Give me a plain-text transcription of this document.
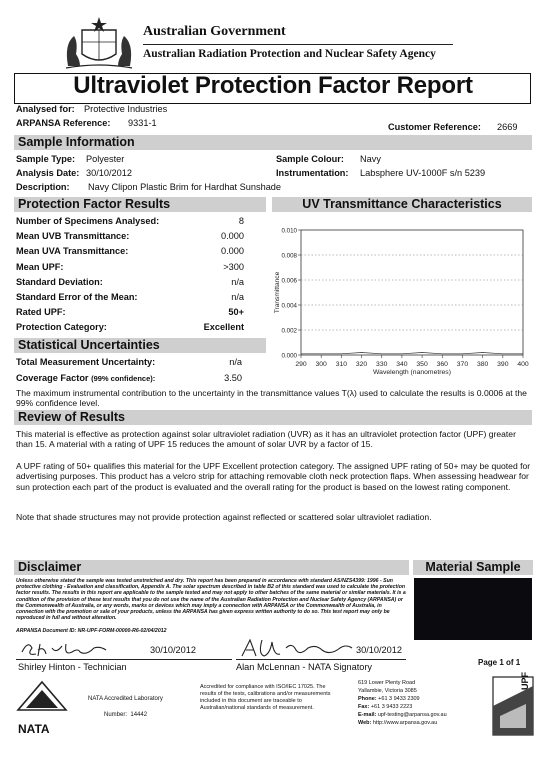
Australian Government
Australian Radiation Protection and Nuclear Safety Agency
Ultraviolet Protection Factor Report
Analysed for: Protective Industries
ARPANSA Reference: 9331-1	Customer Reference: 2669
Sample Information
Sample Type: Polyester
Analysis Date: 30/10/2012
Description: Navy Clipon Plastic Brim for Hardhat Sunshade
Sample Colour: Navy
Instrumentation: Labsphere UV-1000F s/n 5239
Protection Factor Results	UV Transmittance Characteristics
Number of Specimens Analysed:	8
Mean UVB Transmittance:	0.000
Mean UVA Transmittance:	0.000
Mean UPF:	>300
Standard Deviation:	n/a
Standard Error of the Mean:	n/a
Rated UPF:	50+
Protection Category:	Excellent
0.000
0.002
0.004
0.006
0.008
0.010
290 300 310 320 330 340 350 360 370 380 390 400
Wavelength (nanometres)
Transmittance
Statistical Uncertainties
Total Measurement Uncertainty:	n/a
Coverage Factor (99% confidence):	3.50
The maximum instrumental contribution to the uncertainty in the transmittance values T(λ) used to calculate the results is 0.0006 at the 99% confidence level.
Review of Results
This material is effective as protection against solar ultraviolet radiation (UVR) as it has an ultraviolet protection factor (UPF) greater than 15. A material with a rating of UPF 15 reduces the amount of solar UVR by a factor of 15.
A UPF rating of 50+ qualifies this material for the UPF Excellent protection category. The assigned UPF rating of 50+ may be quoted for advertising purposes. This product has a velcro strip for attaching removable cloth neck protection flaps. When assessing headwear for sun protection each part of the product is evaluated and the overall rating for the product is based on the lowest rating component.
Note that shade structures may not provide protection against reflected or scattered solar ultraviolet radiation.
Disclaimer	Material Sample
Unless otherwise stated the sample was tested unstretched and dry. This report has been prepared in accordance with standard AS/NZS4399: 1996 - Sun protective clothing - Evaluation and classification, Appendix A. The solar spectrum described in table B2 of this standard was used to calculate the protection factor results. The results in this report are applicable to the sample tested and may not apply to other batches of the same material or similar materials. It is a condition of the provision of these test results that you do not use the name of the Australian Radiation Protection and Nuclear Safety Agency (ARPANSA) or the Commonwealth of Australia, or any words, marks or devices which may imply a connection with ARPANSA or the Commonwealth of Australia, in connection with the promotion or sale of your products, unless the ARPANSA has given express written authority to do so. This test report may only be reproduced in full and without alteration.
ARPANSA Document ID: NR-UPF-FORM-00000-R6-02/04/2012
30/10/2012
Shirley Hinton - Technician
30/10/2012
Alan McLennan - NATA Signatory	Page 1 of 1
NATA
NATA Accredited Laboratory
Number: 14442
Accredited for compliance with ISO/IEC 17025. The results of the tests, calibrations and/or measurements included in this document are traceable to Australian/national standards of measurement.
619 Lower Plenty Road
Yallambie, Victoria 3085
Phone: +61 3 9433 2309
Fax: +61 3 9433 2223
E-mail: upf-testing@arpansa.gov.au
Web: http://www.arpansa.gov.au
UPF
